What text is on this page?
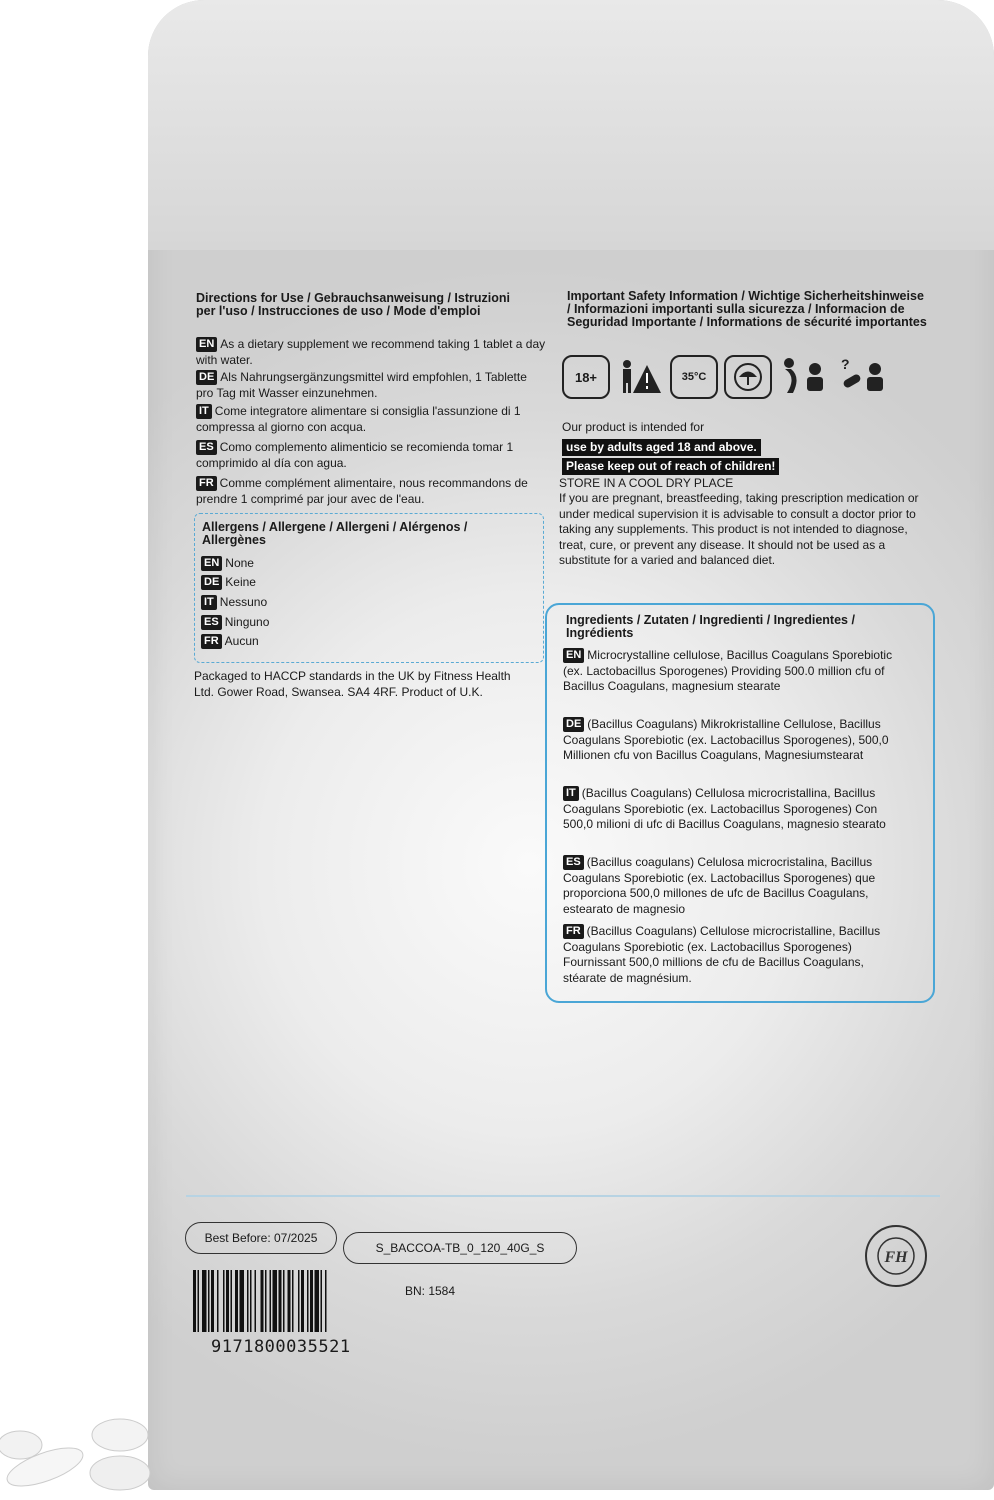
Directions for Use / Gebrauchsanweisung / Istruzioni per l'uso / Instrucciones de uso / Mode d'emploi
EN As a dietary supplement we recommend taking 1 tablet a day with water.
DE Als Nahrungsergänzungsmittel wird empfohlen, 1 Tablette pro Tag mit Wasser einzunehmen.
IT Come integratore alimentare si consiglia l'assunzione di 1 compressa al giorno con acqua.
ES Como complemento alimenticio se recomienda tomar 1 comprimido al día con agua.
FR Comme complément alimentaire, nous recommandons de prendre 1 comprimé par jour avec de l'eau.
Allergens / Allergene / Allergeni / Alérgenos / Allergènes
EN None
DE Keine
IT Nessuno
ES Ninguno
FR Aucun
Packaged to HACCP standards in the UK by Fitness Health Ltd. Gower Road, Swansea. SA4 4RF. Product of U.K.
Important Safety Information / Wichtige Sicherheitshinweise / Informazioni importanti sulla sicurezza / Informacion de Seguridad Importante / Informations de sécurité importantes
18+	35°C
?
Our product is intended for
use by adults aged 18 and above.
Please keep out of reach of children!
STORE IN A COOL DRY PLACE
If you are pregnant, breastfeeding, taking prescription medication or under medical supervision it is advisable to consult a doctor prior to taking any supplements. This product is not intended to diagnose, treat, cure, or prevent any disease. It should not be used as a substitute for a varied and balanced diet.
Ingredients / Zutaten / Ingredienti / Ingredientes / Ingrédients
EN Microcrystalline cellulose, Bacillus Coagulans Sporebiotic (ex. Lactobacillus Sporogenes) Providing 500.0 million cfu of Bacillus Coagulans, magnesium stearate
DE (Bacillus Coagulans) Mikrokristalline Cellulose, Bacillus Coagulans Sporebiotic (ex. Lactobacillus Sporogenes), 500,0 Millionen cfu von Bacillus Coagulans, Magnesiumstearat
IT (Bacillus Coagulans) Cellulosa microcristallina, Bacillus Coagulans Sporebiotic (ex. Lactobacillus Sporogenes) Con 500,0 milioni di ufc di Bacillus Coagulans, magnesio stearato
ES (Bacillus coagulans) Celulosa microcristalina, Bacillus Coagulans Sporebiotic (ex. Lactobacillus Sporogenes) que proporciona 500,0 millones de ufc de Bacillus Coagulans, estearato de magnesio
FR (Bacillus Coagulans) Cellulose microcristalline, Bacillus Coagulans Sporebiotic (ex. Lactobacillus Sporogenes) Fournissant 500,0 millions de cfu de Bacillus Coagulans, stéarate de magnésium.
Best Before: 07/2025
S_BACCOA-TB_0_120_40G_S
FH
BN: 1584
9171800035521
